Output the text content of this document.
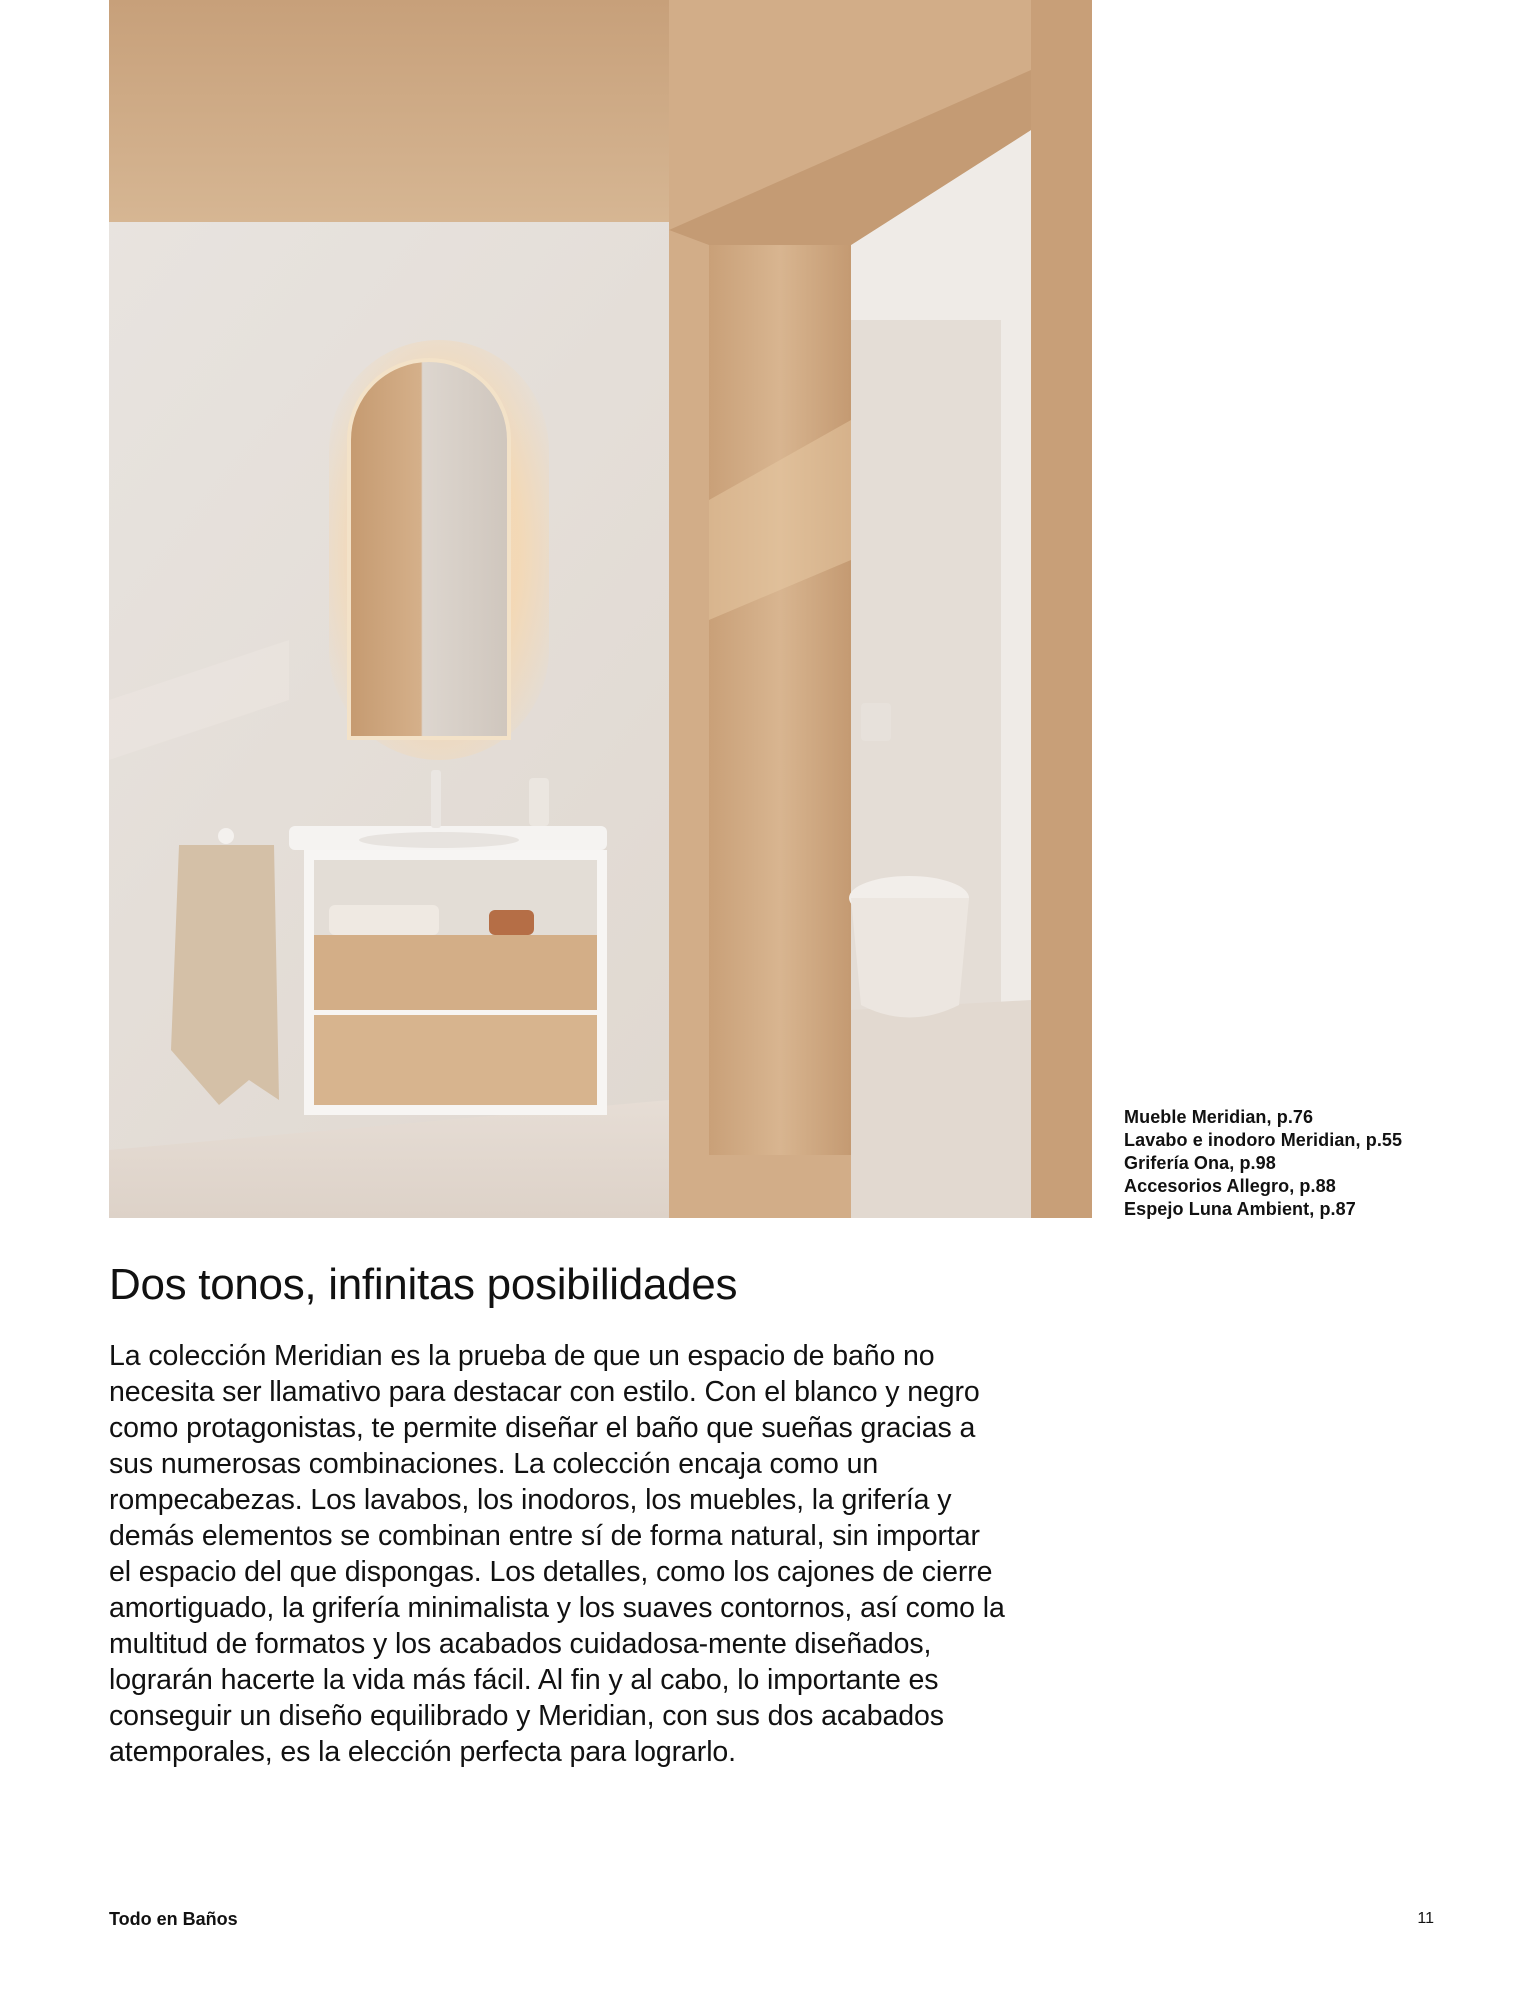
Mueble Meridian, p.76
Lavabo e inodoro Meridian, p.55
Grifería Ona, p.98
Accesorios Allegro, p.88
Espejo Luna Ambient, p.87
Dos tonos, infinitas posibilidades

La colección Meridian es la prueba de que un espacio de baño no necesita ser llamativo para destacar con estilo. Con el blanco y negro como protagonistas, te permite diseñar el baño que sueñas gracias a sus numerosas combinaciones. La colección encaja como un rompecabezas. Los lavabos, los inodoros, los muebles, la grifería y demás elementos se combinan entre sí de forma natural, sin importar el espacio del que dispongas. Los detalles, como los cajones de cierre amortiguado, la grifería minimalista y los suaves contornos, así como la multitud de formatos y los acabados cuidadosa-mente diseñados, lograrán hacerte la vida más fácil. Al fin y al cabo, lo importante es conseguir un diseño equilibrado y Meridian, con sus dos acabados atemporales, es la elección perfecta para lograrlo.

Todo en Baños	11
